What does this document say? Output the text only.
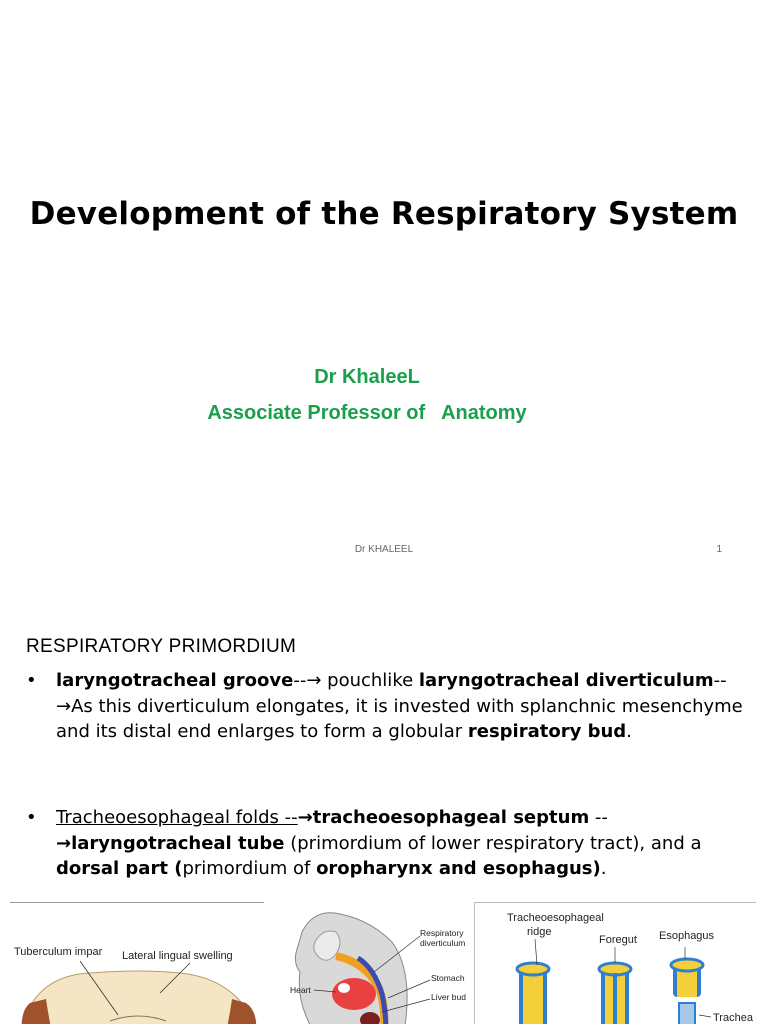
Development of the Respiratory System
Dr KhaleeL
Associate Professor of   Anatomy
Dr KHALEEL	1
RESPIRATORY PRIMORDIUM
• laryngotracheal groove--→ pouchlike laryngotracheal diverticulum--→As this diverticulum elongates, it is invested with splanchnic mesenchyme and its distal end enlarges to form a globular respiratory bud.
• Tracheoesophageal folds --→tracheoesophageal septum --→laryngotracheal tube (primordium of lower respiratory tract), and a dorsal part (primordium of oropharynx and esophagus).
Tuberculum impar Lateral lingual swelling
Respiratory
diverticulum
Stomach
Liver bud
Heart
Tracheoesophageal
ridge
Foregut Esophagus
Trachea
